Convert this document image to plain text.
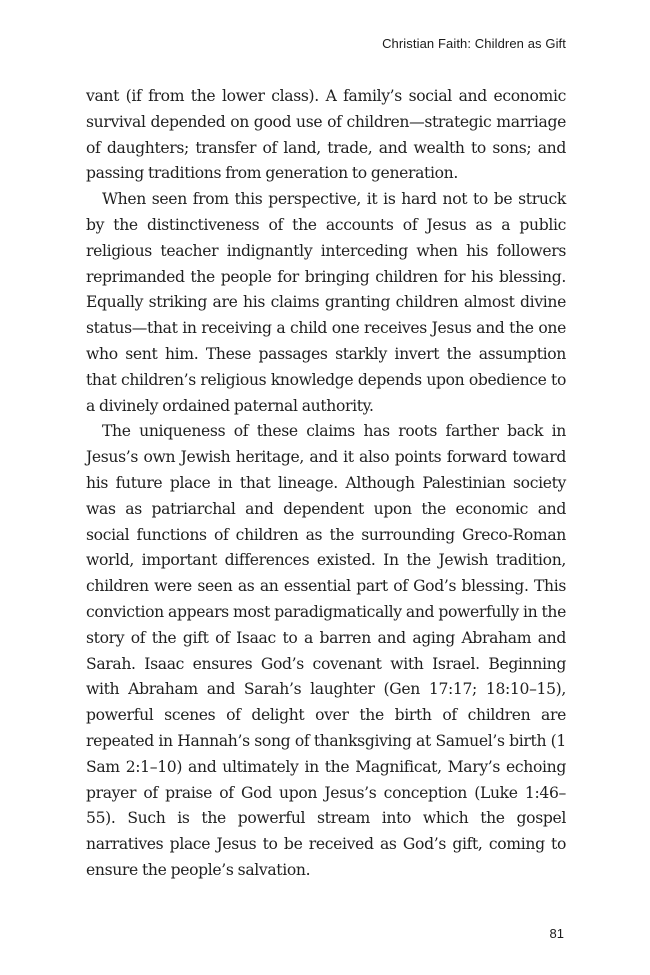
Christian Faith: Children as Gift

vant (if from the lower class). A family’s social and economic survival depended on good use of children—strategic marriage of daughters; transfer of land, trade, and wealth to sons; and passing traditions from generation to generation.

When seen from this perspective, it is hard not to be struck by the distinctiveness of the accounts of Jesus as a public religious teacher indignantly interceding when his followers reprimanded the people for bringing children for his blessing. Equally striking are his claims granting children almost divine status—that in receiving a child one receives Jesus and the one who sent him. These passages starkly invert the assumption that children’s religious knowledge depends upon obedience to a divinely ordained paternal authority.

The uniqueness of these claims has roots farther back in Jesus’s own Jewish heritage, and it also points forward toward his future place in that lineage. Although Palestinian society was as patriarchal and dependent upon the economic and social functions of children as the surrounding Greco-Roman world, important differences existed. In the Jewish tradition, children were seen as an essential part of God’s blessing. This conviction appears most paradigmatically and powerfully in the story of the gift of Isaac to a barren and aging Abraham and Sarah. Isaac ensures God’s covenant with Israel. Beginning with Abraham and Sarah’s laughter (Gen 17:17; 18:10–15), powerful scenes of delight over the birth of children are repeated in Hannah’s song of thanksgiving at Samuel’s birth (1 Sam 2:1–10) and ultimately in the Magnificat, Mary’s echoing prayer of praise of God upon Jesus’s conception (Luke 1:46–55). Such is the powerful stream into which the gospel narratives place Jesus to be received as God’s gift, coming to ensure the people’s salvation.

81
